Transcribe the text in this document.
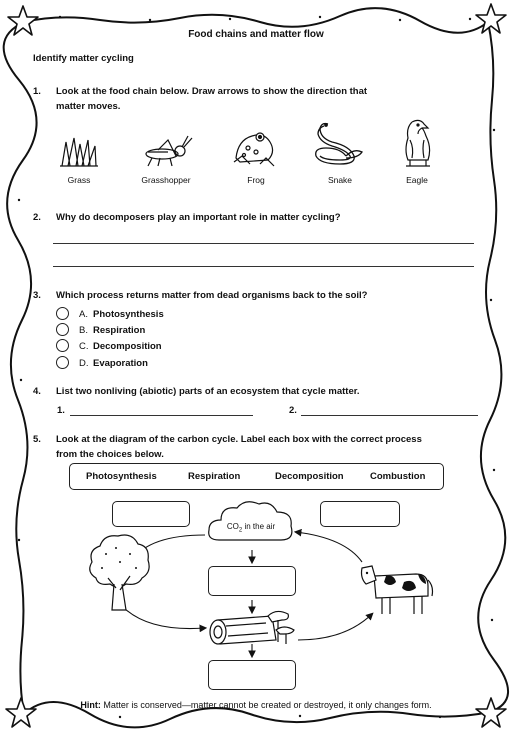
Food chains and matter flow
Identify matter cycling
1. Look at the food chain below. Draw arrows to show the direction that
matter moves.
Grass	Grasshopper	Frog	Snake	Eagle
2. Why do decomposers play an important role in matter cycling?
3. Which process returns matter from dead organisms back to the soil?
A. Photosynthesis
B. Respiration
C. Decomposition
D. Evaporation
4. List two nonliving (abiotic) parts of an ecosystem that cycle matter.
1.	2.
5. Look at the diagram of the carbon cycle. Label each box with the correct process
from the choices below.
Photosynthesis	Respiration	Decomposition	Combustion
$CO_2$ in the air
Hint: Matter is conserved—matter cannot be created or destroyed, it only changes form.
